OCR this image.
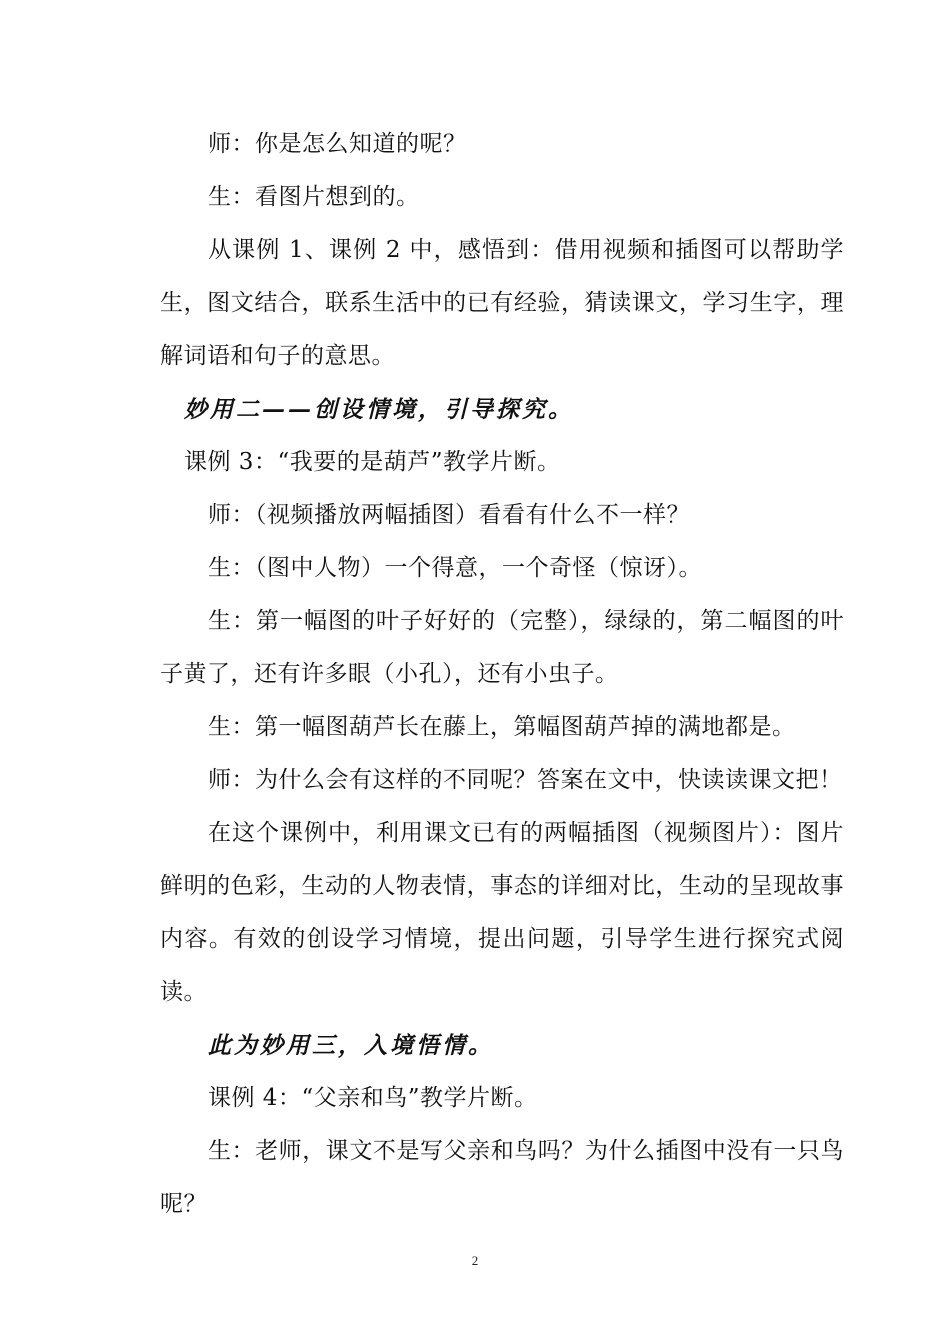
师：你是怎么知道的呢？

生：看图片想到的。

从课例 1、课例 2 中，感悟到：借用视频和插图可以帮助学生，图文结合，联系生活中的已有经验，猜读课文，学习生字，理解词语和句子的意思。

妙用二——创设情境，引导探究。

课例 3：“我要的是葫芦”教学片断。

师：（视频播放两幅插图）看看有什么不一样？

生：（图中人物）一个得意，一个奇怪（惊讶）。

生：第一幅图的叶子好好的（完整），绿绿的，第二幅图的叶子黄了，还有许多眼（小孔），还有小虫子。

生：第一幅图葫芦长在藤上，第幅图葫芦掉的满地都是。

师：为什么会有这样的不同呢？答案在文中，快读读课文把！

在这个课例中，利用课文已有的两幅插图（视频图片）：图片鲜明的色彩，生动的人物表情，事态的详细对比，生动的呈现故事内容。有效的创设学习情境，提出问题，引导学生进行探究式阅读。

此为妙用三，入境悟情。

课例 4：“父亲和鸟”教学片断。

生：老师，课文不是写父亲和鸟吗？为什么插图中没有一只鸟呢？

2
